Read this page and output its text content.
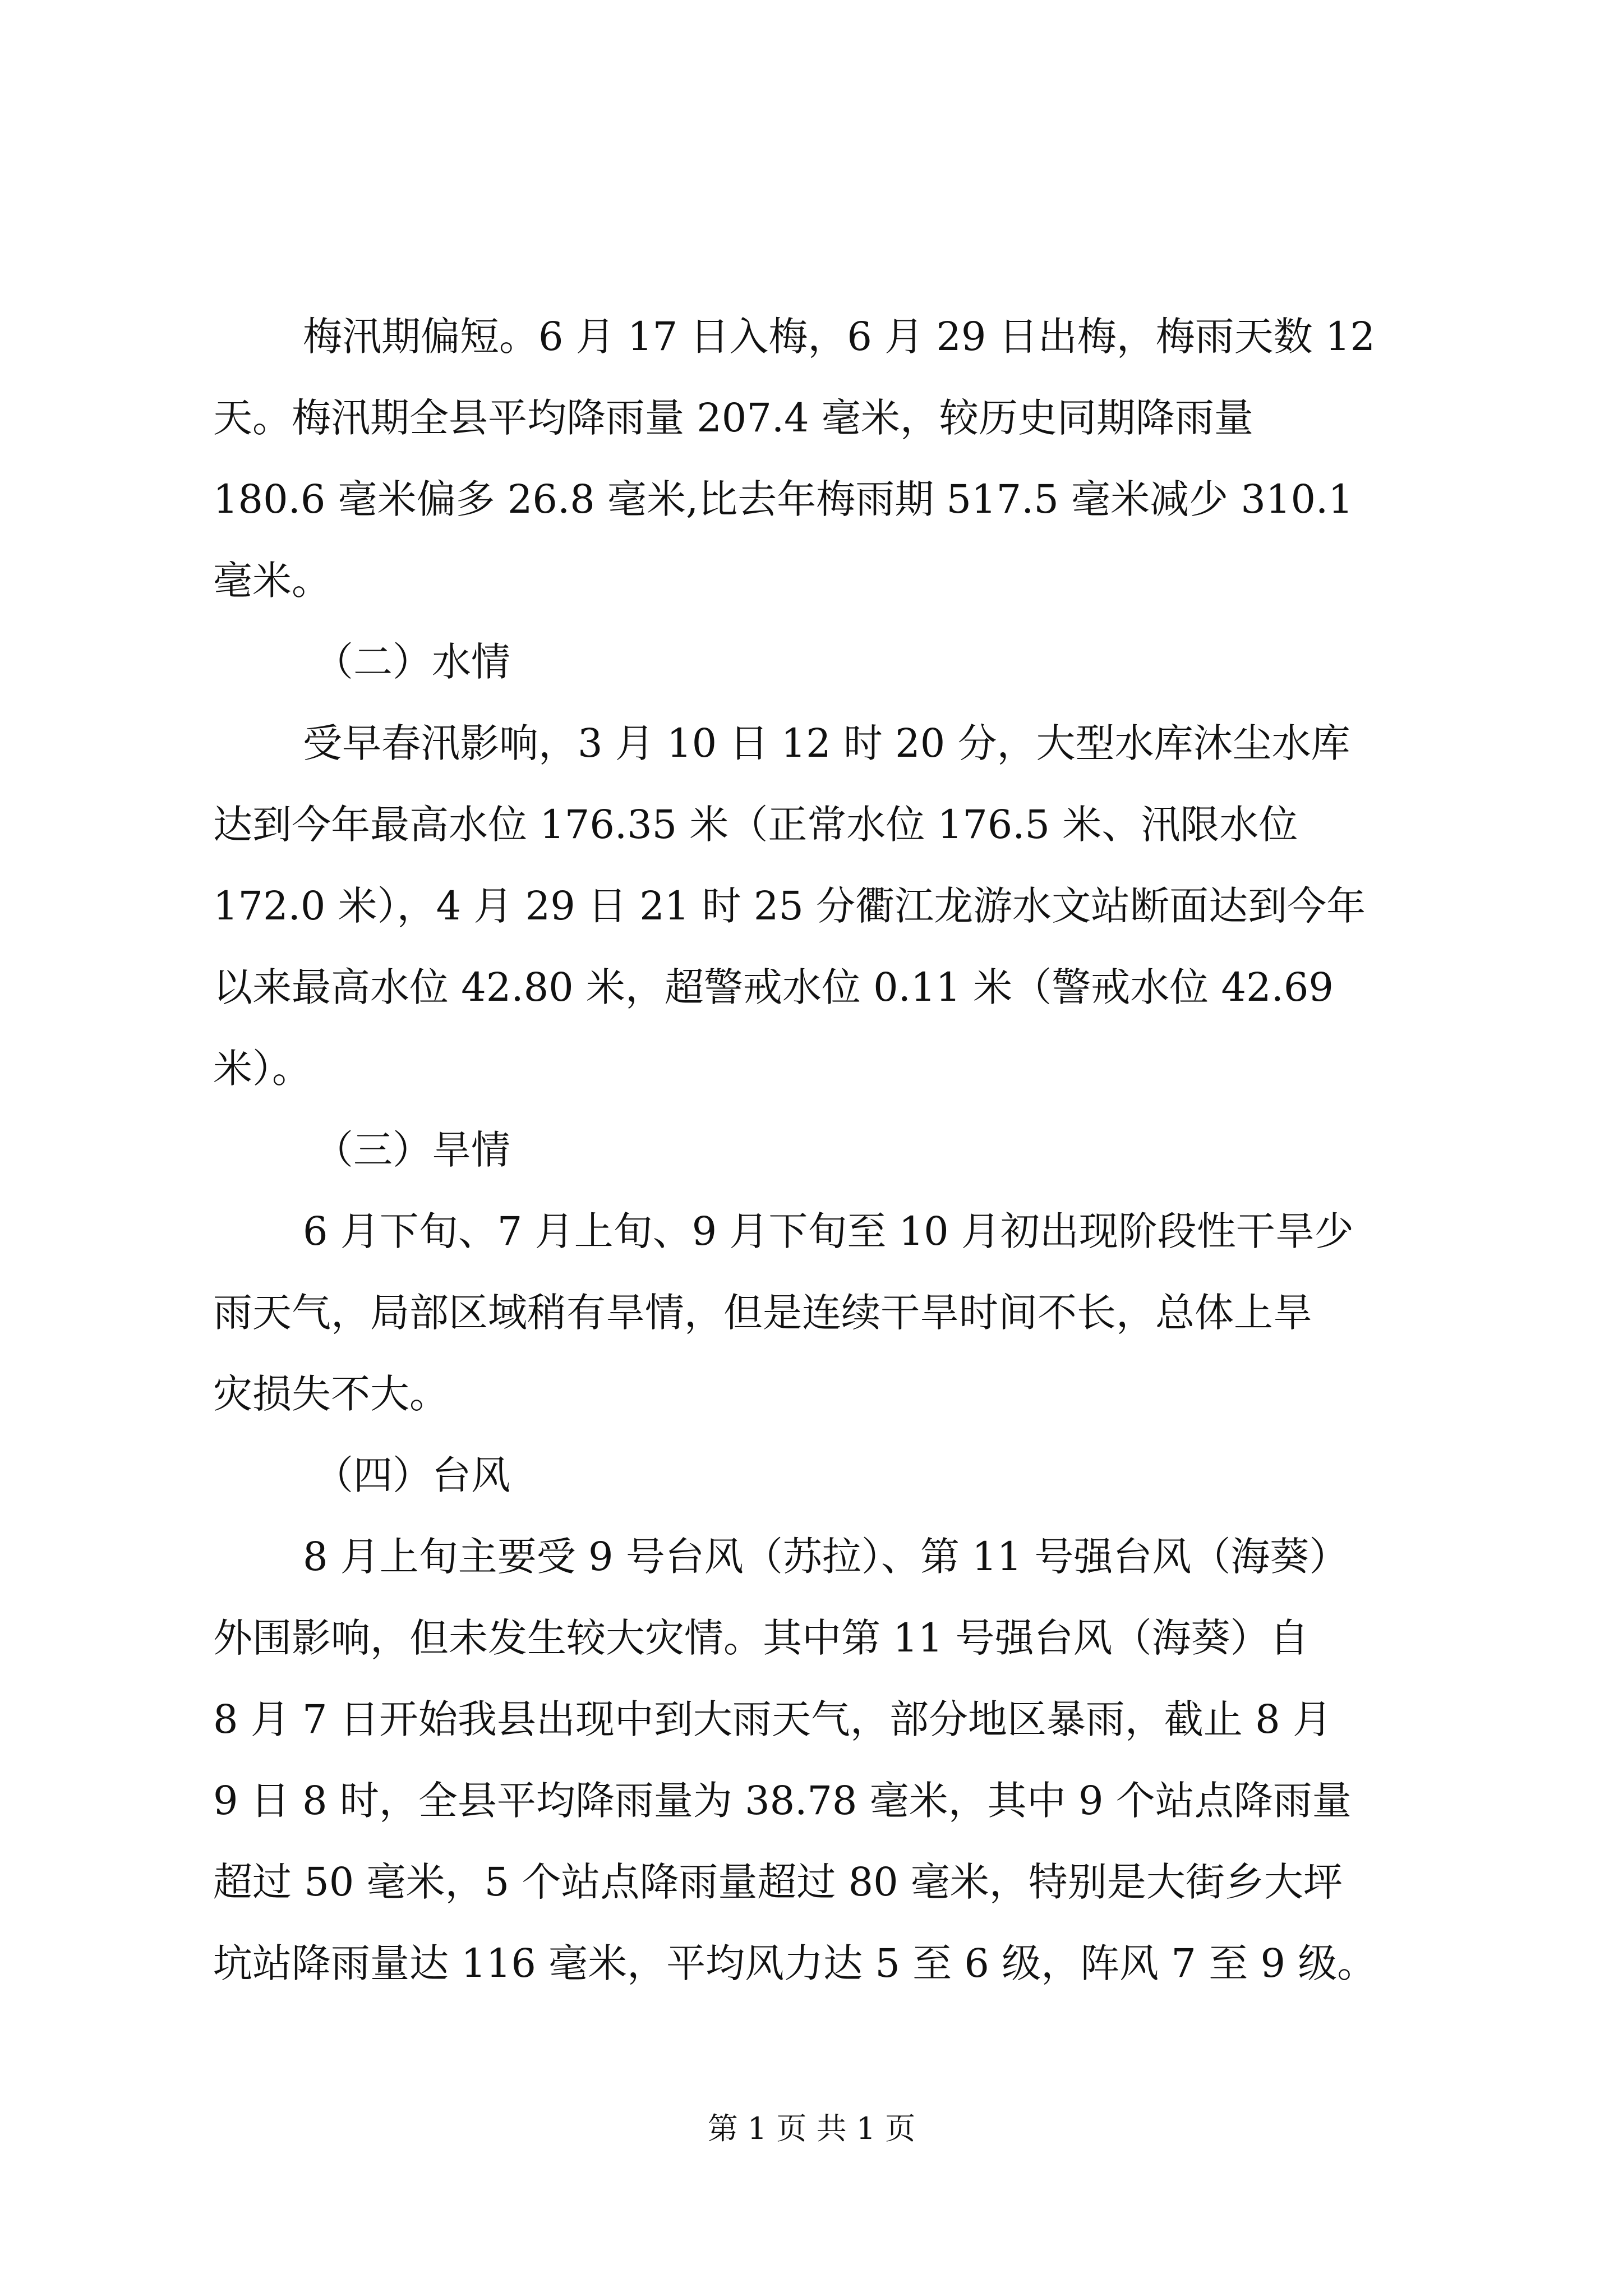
梅汛期偏短。6 月 17 日入梅，6 月 29 日出梅，梅雨天数 12

天。梅汛期全县平均降雨量 207.4 毫米，较历史同期降雨量

180.6 毫米偏多 26.8 毫米,比去年梅雨期 517.5 毫米减少 310.1

毫米。

（二）水情

受早春汛影响，3 月 10 日 12 时 20 分，大型水库沐尘水库

达到今年最高水位 176.35 米（正常水位 176.5 米、汛限水位

172.0 米），4 月 29 日 21 时 25 分衢江龙游水文站断面达到今年

以来最高水位 42.80 米，超警戒水位 0.11 米（警戒水位 42.69

米）。

（三）旱情

6 月下旬、7 月上旬、9 月下旬至 10 月初出现阶段性干旱少

雨天气，局部区域稍有旱情，但是连续干旱时间不长，总体上旱

灾损失不大。

（四）台风

8 月上旬主要受 9 号台风（苏拉）、第 11 号强台风（海葵）

外围影响，但未发生较大灾情。其中第 11 号强台风（海葵）自

8 月 7 日开始我县出现中到大雨天气，部分地区暴雨，截止 8 月

9 日 8 时，全县平均降雨量为 38.78 毫米，其中 9 个站点降雨量

超过 50 毫米，5 个站点降雨量超过 80 毫米，特别是大街乡大坪

坑站降雨量达 116 毫米，平均风力达 5 至 6 级，阵风 7 至 9 级。

第 1 页 共 1 页
